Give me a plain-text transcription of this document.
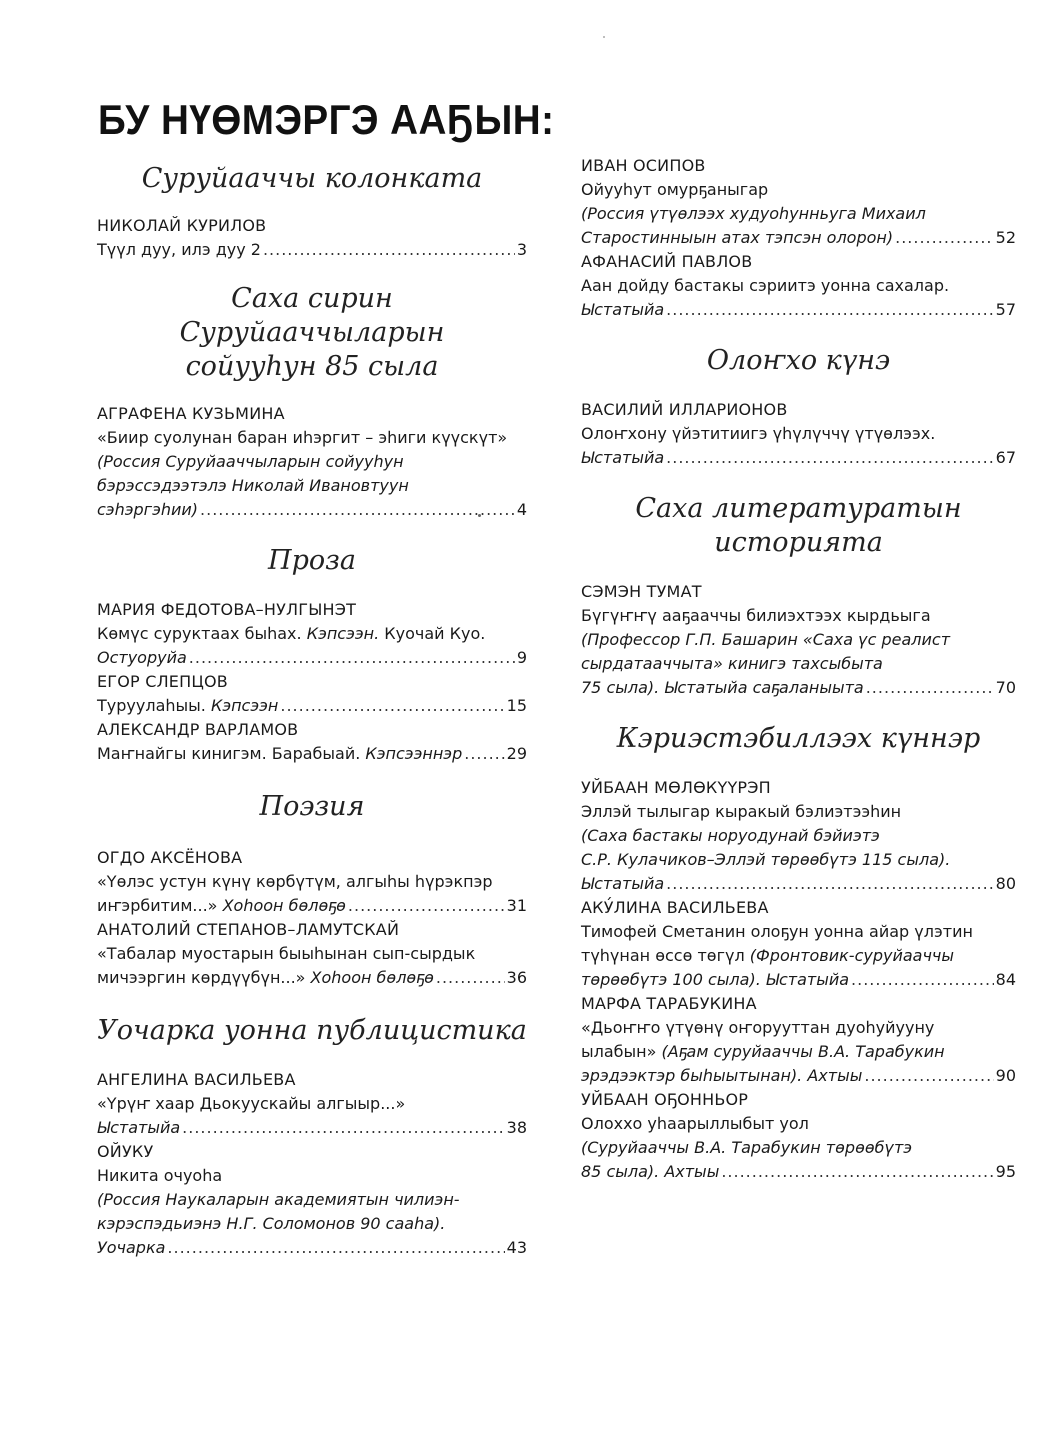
БУ НҮӨМЭРГЭ ААҔЫН:
Суруйааччы колонката
НИКОЛАЙ КУРИЛОВ
Түүл дуу, илэ дуу 2 .....	3
Саха сирин Суруйааччыларын
сойууһун 85 сыла
АГРАФЕНА КУЗЬМИНА
«Биир суолунан баран иһэргит – эһиги күүскүт»
(Россия Суруйааччыларын сойууһун
бэрэссэдээтэлэ Николай Ивановтуун
сэһэргэһии) .....	4
Проза
МАРИЯ ФЕДОТОВА–НУЛГЫНЭТ
Көмүс суруктаах быһах. Кэпсээн. Куочай Куо.
Остуоруйа .....	9
ЕГОР СЛЕПЦОВ
Туруулаһыы. Кэпсээн .....	15
АЛЕКСАНДР ВАРЛАМОВ
Маҥнайгы кинигэм. Барабыай. Кэпсээннэр .....	29
Поэзия
ОГДО АКСЁНОВА
«Үөлэс устун күнү көрбүтүм, алгыһы һүрэкпэр
иҥэрбитим...» Хоһоон бөлөҕө .....	31
АНАТОЛИЙ СТЕПАНОВ–ЛАМУТСКАЙ
«Табалар муостарын быыһынан сып-сырдык
мичээргин көрдүүбүн...» Хоһоон бөлөҕө .....	36
Уочарка уонна публицистика
АНГЕЛИНА ВАСИЛЬЕВА
«Үрүҥ хаар Дьокуускайы алгыыр...»
Ыстатыйа .....	38
ОЙУКУ
Никита очуоһа
(Россия Науκаларын академиятын чилиэн-
кэрэспэдьиэнэ Н.Г. Соломонов 90 сааһа).
Уочарка .....	43
ИВАН ОСИПОВ
Ойууһут омурҕаныгар
(Россия үтүөлээх худуоһунньуга Михаил
Старостинныын атах тэпсэн олорон) .....	52
АФАНАСИЙ ПАВЛОВ
Аан дойду бастакы сэриитэ уонна сахалар.
Ыстатыйа .....	57
Олоҥхо күнэ
ВАСИЛИЙ ИЛЛАРИОНОВ
Олоҥхону үйэтитиигэ үһүлүччү үтүөлээх.
Ыстатыйа .....	67
Саха литературатын историята
СЭМЭН ТУМАТ
Бүгүҥҥү ааҕааччы билиэхтээх кырдьыга
(Профессор Г.П. Башарин «Саха үс реалист
сырдатааччыта» кинигэ тахсыбыта
75 сыла). Ыстатыйа саҕаланыыта .....	70
Кэриэстэбиллээх күннэр
УЙБААН МӨЛӨКҮҮРЭП
Эллэй тылыгар кыракый бэлиэтээһин
(Саха бастакы норуодунай бэйиэтэ
С.Р. Кулачиков–Эллэй төрөөбүтэ 115 сыла).
Ыстатыйа .....	80
АКУ́ЛИНА ВАСИЛЬЕВА
Тимофей Сметанин олоҕун уонна айар үлэтин
түһүнан өссө төгүл (Фронтовик-суруйааччы
төрөөбүтэ 100 сыла). Ыстатыйа .....	84
МАРФА ТАРАБУКИНА
«Дьоҥҥо үтүөнү оҥорууттан дуоһуйууну
ылабын» (Аҕам суруйааччы В.А. Тарабукин
эрэдээктэр быһыытынан). Ахтыы .....	90
УЙБААН ОҔОННЬОР
Олоххо уһаарыллыбыт уол
(Суруйааччы В.А. Тарабукин төрөөбүтэ
85 сыла). Ахтыы .....	95
